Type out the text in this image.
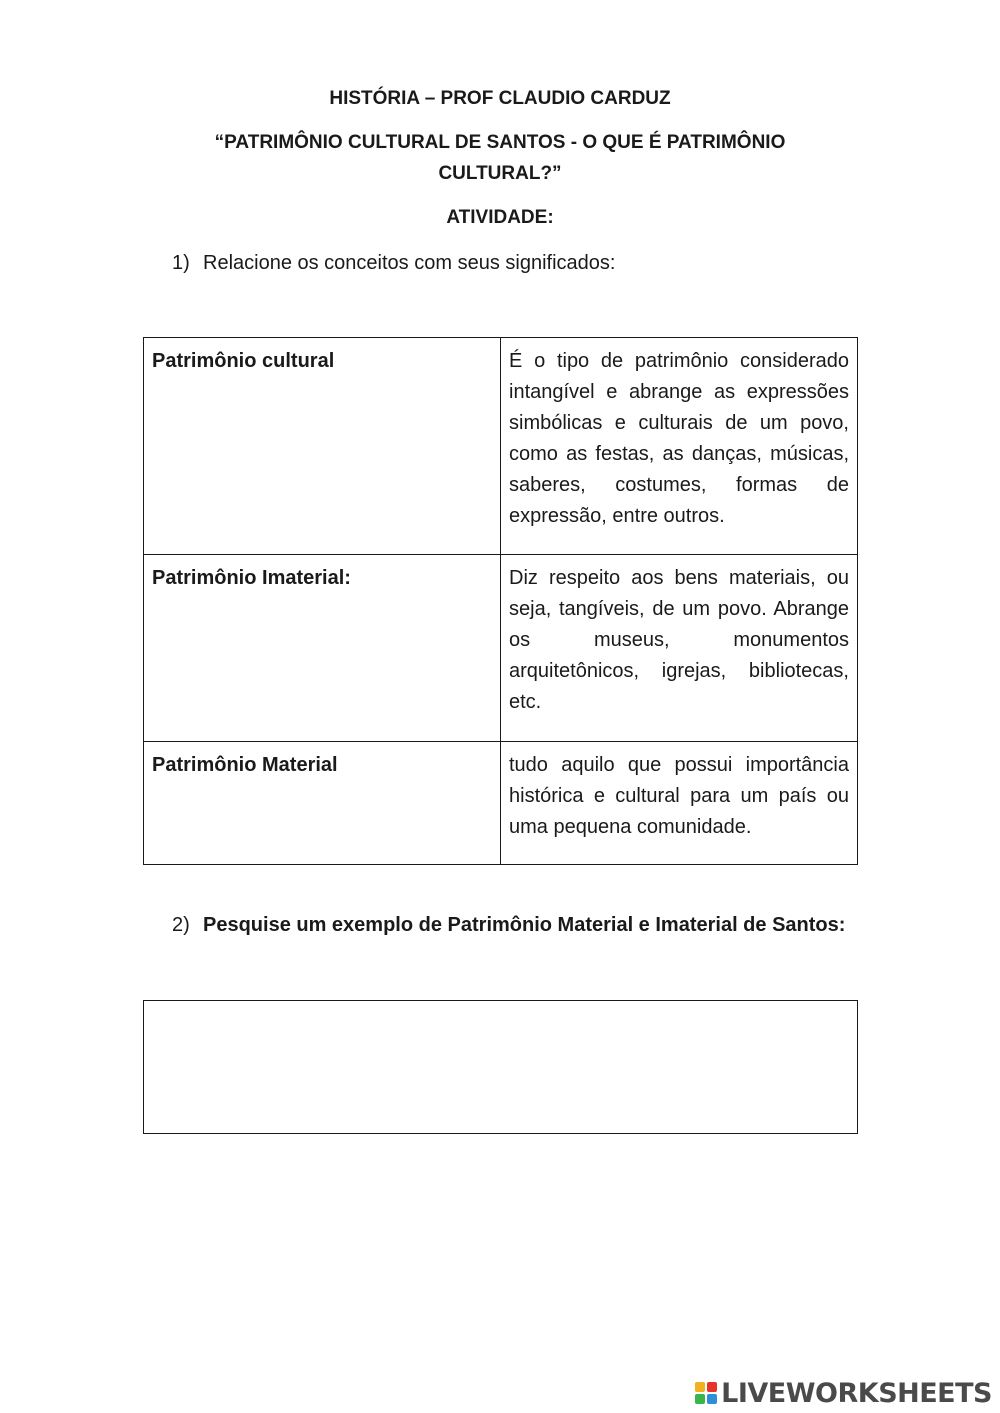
HISTÓRIA – PROF CLAUDIO CARDUZ
“PATRIMÔNIO CULTURAL DE SANTOS - O QUE É PATRIMÔNIO
CULTURAL?”
ATIVIDADE:
1) Relacione os conceitos com seus significados:
Patrimônio cultural	É o tipo de patrimônio considerado intangível e abrange as expressões simbólicas e culturais de um povo, como as festas, as danças, músicas, saberes, costumes, formas de expressão, entre outros.
Patrimônio Imaterial:	Diz respeito aos bens materiais, ou seja, tangíveis, de um povo. Abrange os museus, monumentos arquitetônicos, igrejas, bibliotecas, etc.
Patrimônio Material	tudo aquilo que possui importância histórica e cultural para um país ou uma pequena comunidade.
2) Pesquise um exemplo de Patrimônio Material e Imaterial de Santos:
LIVEWORKSHEETS
